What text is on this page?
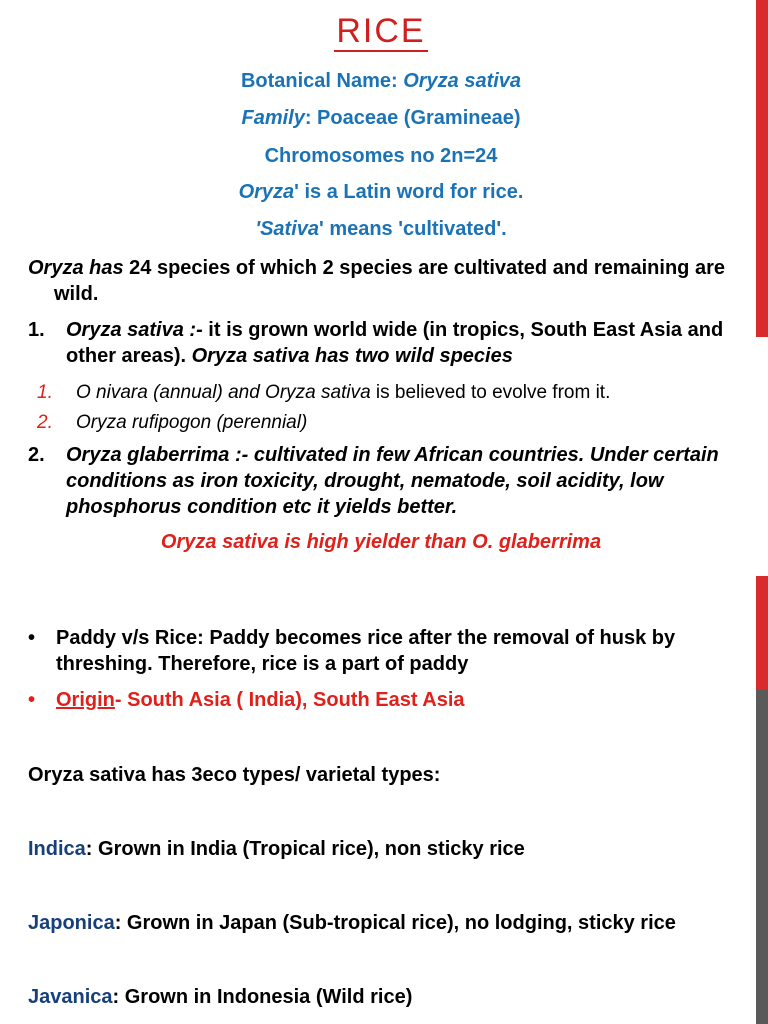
RICE
Botanical Name: Oryza sativa
Family: Poaceae (Gramineae)
Chromosomes no 2n=24
Oryza' is a Latin word for rice.
'Sativa' means 'cultivated'.
Oryza has 24 species of which 2 species are cultivated and remaining are wild.
1.	Oryza sativa :- it is grown world wide (in tropics, South East Asia and other areas). Oryza sativa has two wild species
1. O nivara (annual) and Oryza sativa is believed to evolve from it.
2. Oryza rufipogon (perennial)
2.	Oryza glaberrima :- cultivated in few African countries. Under certain conditions as iron toxicity, drought, nematode, soil acidity, low phosphorus condition etc it yields better.
Oryza sativa is high yielder than O. glaberrima
• Paddy v/s Rice: Paddy becomes rice after the removal of husk by threshing. Therefore, rice is a part of paddy
• Origin- South Asia ( India), South East Asia
Oryza sativa has 3eco types/ varietal types:
Indica: Grown in India (Tropical rice), non sticky rice
Japonica: Grown in Japan (Sub-tropical rice), no lodging, sticky rice
Javanica: Grown in Indonesia (Wild rice)
